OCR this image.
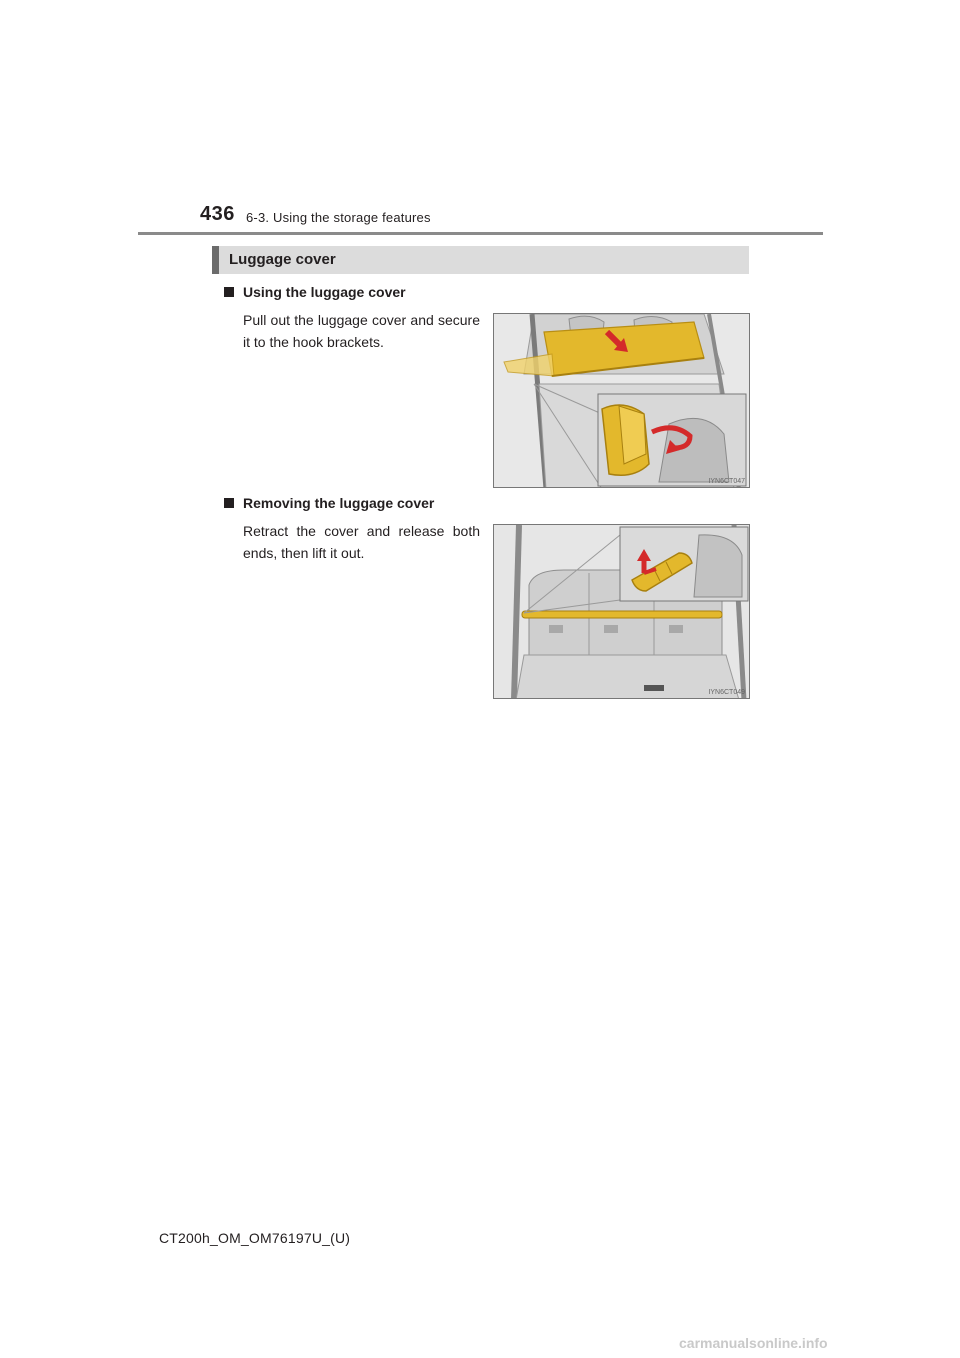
436 6-3. Using the storage features
Luggage cover
Using the luggage cover
Pull out the luggage cover and secure it to the hook brackets.
IYN6CT047
Removing the luggage cover
Retract the cover and release both ends, then lift it out.
IYN6CT049
CT200h_OM_OM76197U_(U)
carmanualsonline.info
